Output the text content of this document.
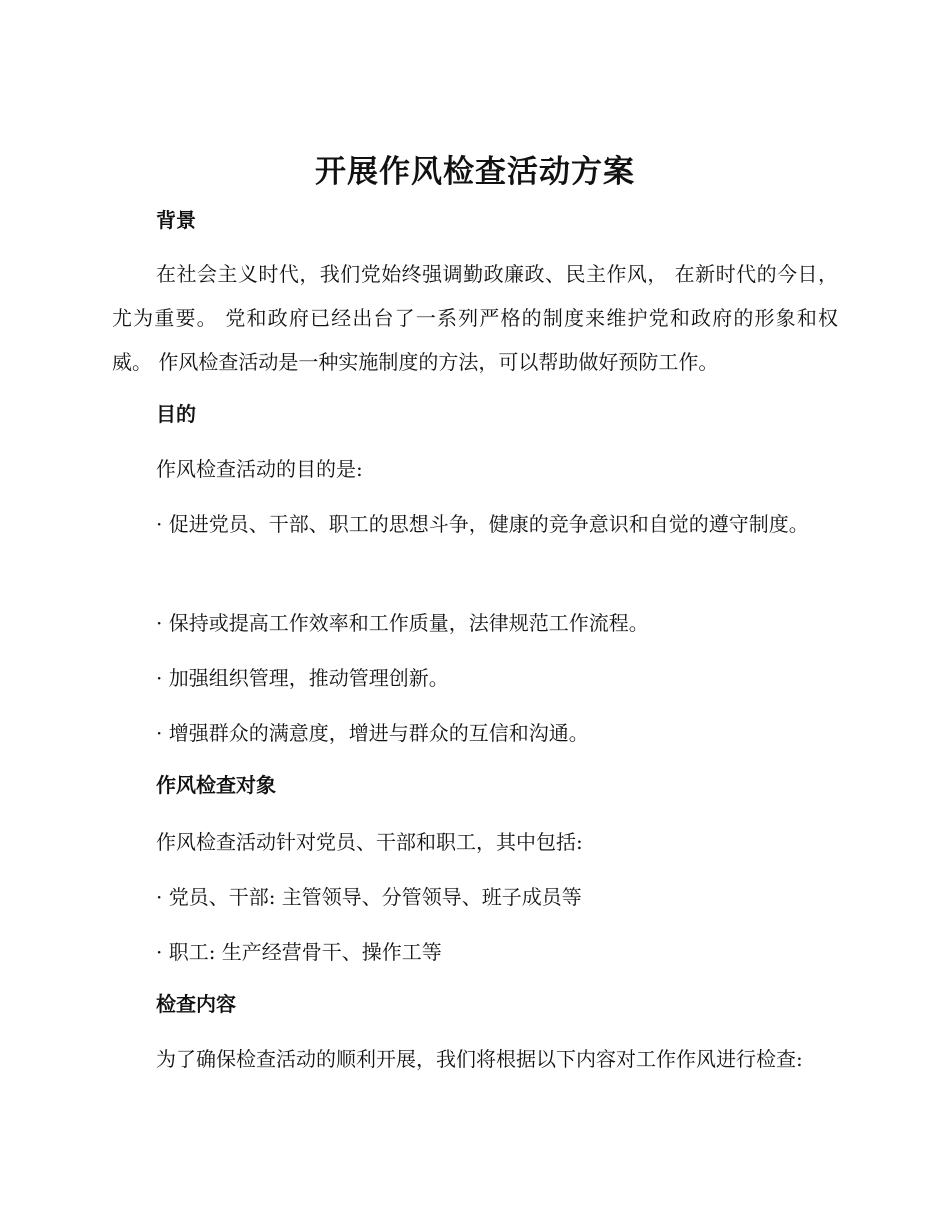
开展作风检查活动方案
背景

在社会主义时代，我们党始终强调勤政廉政、民主作风， 在新时代的今日，尤为重要。 党和政府已经出台了一系列严格的制度来维护党和政府的形象和权威。 作风检查活动是一种实施制度的方法，可以帮助做好预防工作。

目的

作风检查活动的目的是:

· 促进党员、干部、职工的思想斗争，健康的竞争意识和自觉的遵守制度。

· 保持或提高工作效率和工作质量，法律规范工作流程。

· 加强组织管理，推动管理创新。

· 增强群众的满意度，增进与群众的互信和沟通。

作风检查对象

作风检查活动针对党员、干部和职工，其中包括:

· 党员、干部: 主管领导、分管领导、班子成员等

· 职工: 生产经营骨干、操作工等

检查内容

为了确保检查活动的顺利开展，我们将根据以下内容对工作作风进行检查:
